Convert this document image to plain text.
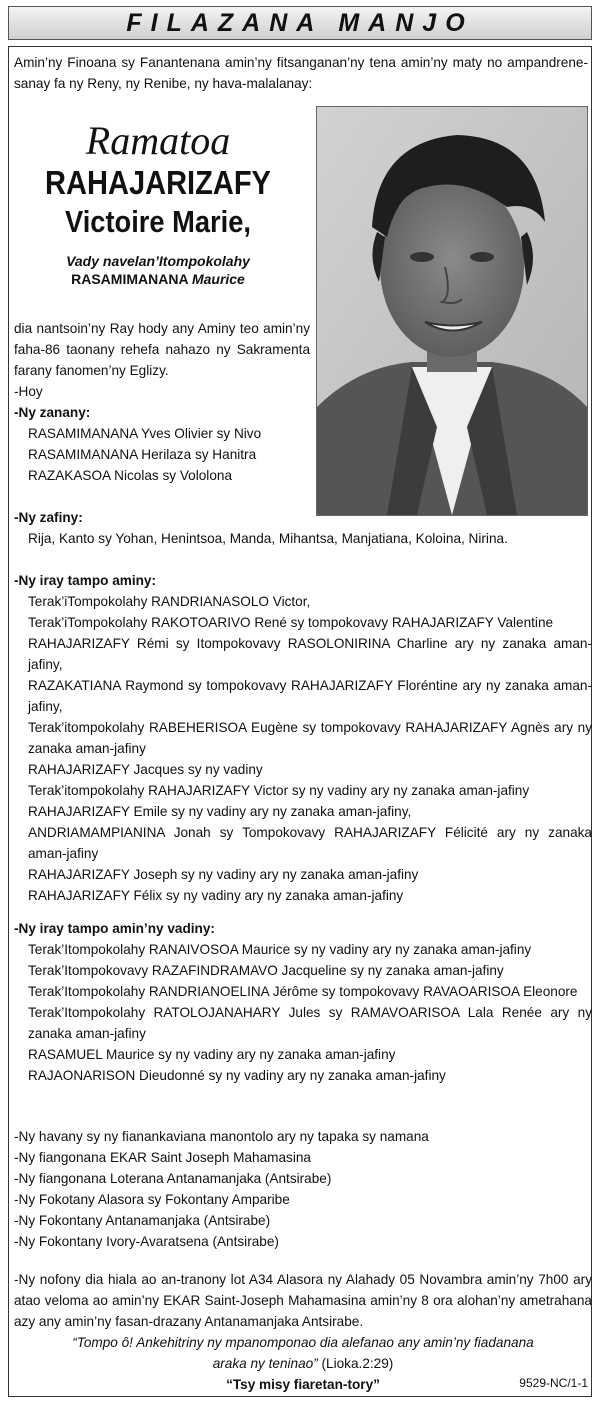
FILAZANA MANJO

Amin’ny Finoana sy Fanantenana amin’ny fitsanganan’ny tena amin’ny maty no ampandrene-sanay fa ny Reny, ny Renibe, ny hava-malalanay:

Ramatoa
RAHAJARIZAFY
Victoire Marie,
Vady navelan’Itompokolahy
RASAMIMANANA Maurice

dia nantsoin’ny Ray hody any Aminy teo amin’ny faha-86 taonany rehefa nahazo ny Sakramenta farany fanomen’ny Eglizy.

-Hoy

-Ny zanany:

RASAMIMANANA Yves Olivier sy Nivo

RASAMIMANANA Herilaza sy Hanitra

RAZAKASOA Nicolas sy Vololona

-Ny zafiny:

Rija, Kanto sy Yohan, Henintsoa, Manda, Mihantsa, Manjatiana, Koloina, Nirina.

-Ny iray tampo aminy:

Terak’iTompokolahy RANDRIANASOLO Victor,

Terak’iTompokolahy RAKOTOARIVO René sy tompokovavy RAHAJARIZAFY Valentine

RAHAJARIZAFY Rémi sy Itompokovavy RASOLONIRINA Charline ary ny zanaka aman-jafiny,

RAZAKATIANA Raymond sy tompokovavy RAHAJARIZAFY Floréntine ary ny zanaka aman-jafiny,

Terak’itompokolahy RABEHERISOA Eugène sy tompokovavy RAHAJARIZAFY Agnès ary ny zanaka aman-jafiny

RAHAJARIZAFY Jacques sy ny vadiny

Terak’itompokolahy RAHAJARIZAFY Victor sy ny vadiny ary ny zanaka aman-jafiny

RAHAJARIZAFY Emile sy ny vadiny ary ny zanaka aman-jafiny,

ANDRIAMAMPIANINA Jonah sy Tompokovavy RAHAJARIZAFY Félicité ary ny zanaka aman-jafiny

RAHAJARIZAFY Joseph sy ny vadiny ary ny zanaka aman-jafiny

RAHAJARIZAFY Félix sy ny vadiny ary ny zanaka aman-jafiny

-Ny iray tampo amin’ny vadiny:

Terak’Itompokolahy RANAIVOSOA Maurice sy ny vadiny ary ny zanaka aman-jafiny

Terak’Itompokovavy RAZAFINDRAMAVO Jacqueline sy ny zanaka aman-jafiny

Terak’Itompokolahy RANDRIANOELINA Jérôme sy tompokovavy RAVAOARISOA Eleonore

Terak’Itompokolahy RATOLOJANAHARY Jules sy RAMAVOARISOA Lala Renée ary ny zanaka aman-jafiny

RASAMUEL Maurice sy ny vadiny ary ny zanaka aman-jafiny

RAJAONARISON Dieudonné sy ny vadiny ary ny zanaka aman-jafiny

-Ny havany sy ny fianankaviana manontolo ary ny tapaka sy namana

-Ny fiangonana EKAR Saint Joseph Mahamasina

-Ny fiangonana Loterana Antanamanjaka (Antsirabe)

-Ny Fokotany Alasora sy Fokontany Amparibe

-Ny Fokontany Antanamanjaka (Antsirabe)

-Ny Fokontany Ivory-Avaratsena (Antsirabe)

-Ny nofony dia hiala ao an-tranony lot A34 Alasora ny Alahady 05 Novambra amin’ny 7h00 ary atao veloma ao amin’ny EKAR Saint-Joseph Mahamasina amin’ny 8 ora alohan’ny ametrahana azy any amin’ny fasan-drazany Antanamanjaka Antsirabe.

“Tompo ô! Ankehitriny ny mpanomponao dia alefanao any amin’ny fiadanana
araka ny teninao” (Lioka.2:29)
“Tsy misy fiaretan-tory”	9529-NC/1-1
